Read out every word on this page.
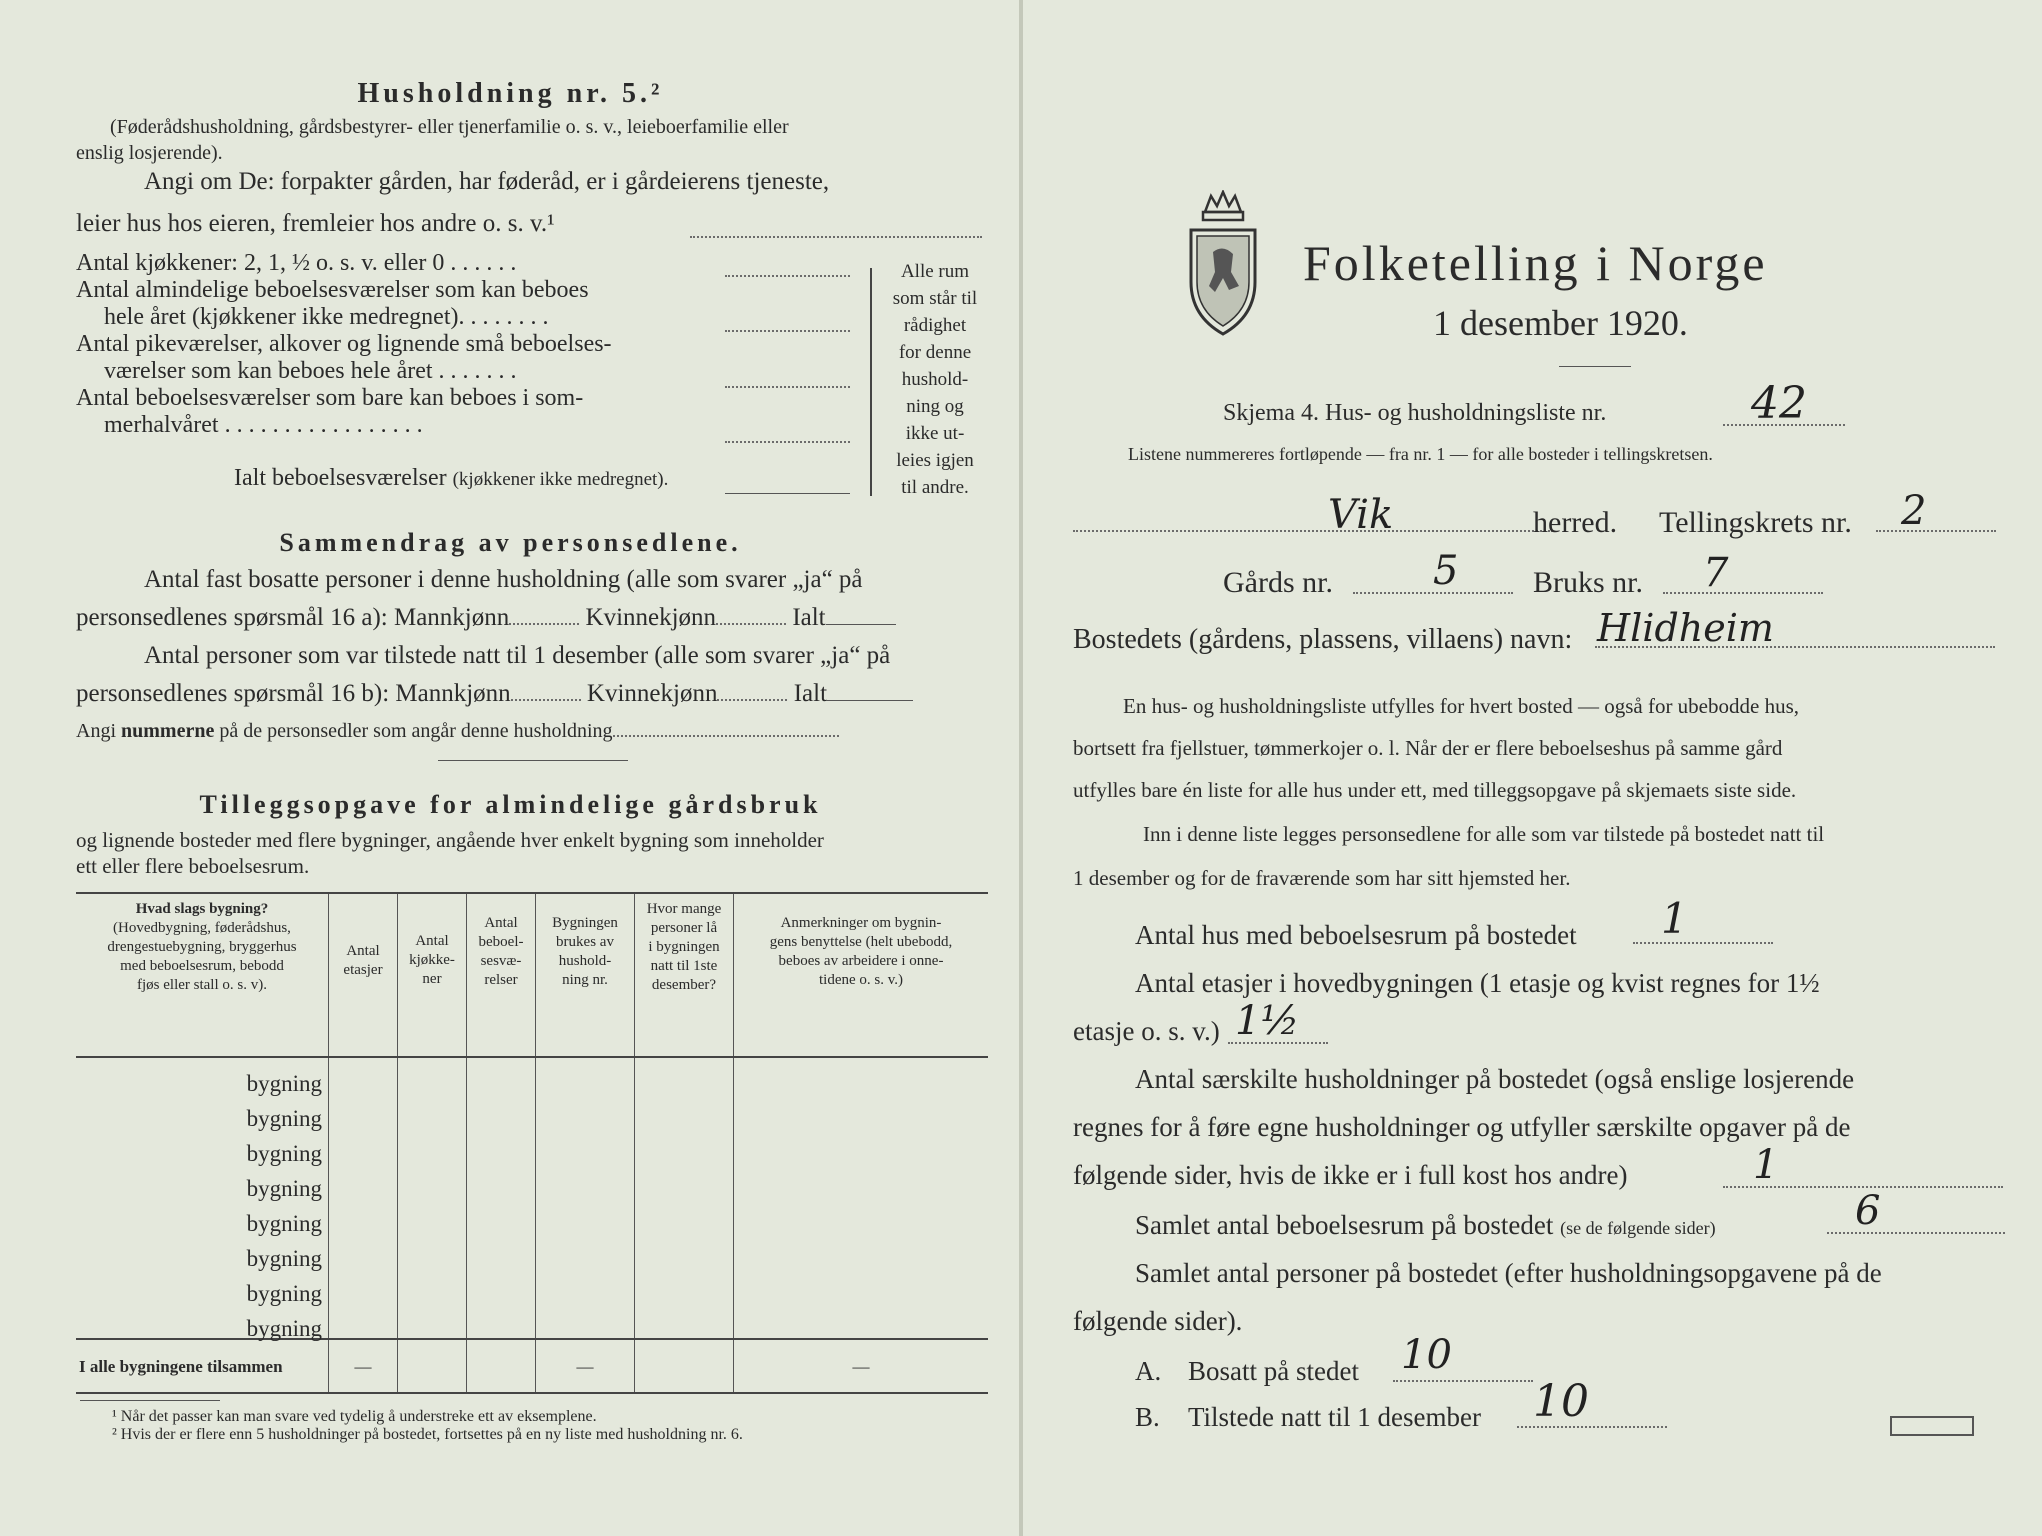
Husholdning nr. 5.²
(Føderådshusholdning, gårdsbestyrer- eller tjenerfamilie o. s. v., leieboerfamilie eller
enslig losjerende).
Angi om De: forpakter gården, har føderåd, er i gårdeierens tjeneste,
leier hus hos eieren, fremleier hos andre o. s. v.¹
Antal kjøkkener: 2, 1, ½ o. s. v. eller 0 . . . . . .
Antal almindelige beboelsesværelser som kan beboes
hele året (kjøkkener ikke medregnet). . . . . . . .
Antal pikeværelser, alkover og lignende små beboelses-
værelser som kan beboes hele året . . . . . . .
Antal beboelsesværelser som bare kan beboes i som-
merhalvåret . . . . . . . . . . . . . . . . .
Ialt beboelsesværelser (kjøkkener ikke medregnet).
Alle rum
som står til
rådighet
for denne
hushold-
ning og
ikke ut-
leies igjen
til andre.
Sammendrag av personsedlene.
Antal fast bosatte personer i denne husholdning (alle som svarer „ja“ på
personsedlenes spørsmål 16 a): Mannkjønn	Kvinnekjønn	Ialt
Antal personer som var tilstede natt til 1 desember (alle som svarer „ja“ på
personsedlenes spørsmål 16 b): Mannkjønn	Kvinnekjønn	Ialt
Angi nummerne på de personsedler som angår denne husholdning
Tilleggsopgave for almindelige gårdsbruk
og lignende bosteder med flere bygninger, angående hver enkelt bygning som inneholder
ett eller flere beboelsesrum.
Hvad slags bygning?
(Hovedbygning, føderådshus,
drengestuebygning, bryggerhus
med beboelsesrum, bebodd
fjøs eller stall o. s. v).	Antal
etasjer	Antal
kjøkke-
ner	Antal
beboel-
sesvæ-
relser	Bygningen
brukes av
hushold-
ning nr.	Hvor mange
personer lå
i bygningen
natt til 1ste
desember?	Anmerkninger om bygnin-
gens benyttelse (helt ubebodd,
beboes av arbeidere i onne-
tidene o. s. v.)
bygning						
bygning						
bygning						
bygning						
bygning						
bygning						
bygning						
bygning						
I alle bygningene tilsammen	—			—		—
¹ Når det passer kan man svare ved tydelig å understreke ett av eksemplene.
² Hvis der er flere enn 5 husholdninger på bostedet, fortsettes på en ny liste med husholdning nr. 6.
Folketelling i Norge
1 desember 1920.
Skjema 4. Hus- og husholdningsliste nr.	42
Listene nummereres fortløpende — fra nr. 1 — for alle bosteder i tellingskretsen.
Vik	herred. Tellingskrets nr. 2
Gårds nr.	5 Bruks nr. 7
Bostedets (gårdens, plassens, villaens) navn: Hlidheim
En hus- og husholdningsliste utfylles for hvert bosted — også for ubebodde hus,
bortsett fra fjellstuer, tømmerkojer o. l. Når der er flere beboelseshus på samme gård
utfylles bare én liste for alle hus under ett, med tilleggsopgave på skjemaets siste side.
Inn i denne liste legges personsedlene for alle som var tilstede på bostedet natt til
1 desember og for de fraværende som har sitt hjemsted her.
Antal hus med beboelsesrum på bostedet 1
Antal etasjer i hovedbygningen (1 etasje og kvist regnes for 1½
etasje o. s. v.) 1½
Antal særskilte husholdninger på bostedet (også enslige losjerende
regnes for å føre egne husholdninger og utfyller særskilte opgaver på de
følgende sider, hvis de ikke er i full kost hos andre)	1
Samlet antal beboelsesrum på bostedet (se de følgende sider)	6
Samlet antal personer på bostedet (efter husholdningsopgavene på de
følgende sider).
A. Bosatt på stedet 10
B. Tilstede natt til 1 desember 10
